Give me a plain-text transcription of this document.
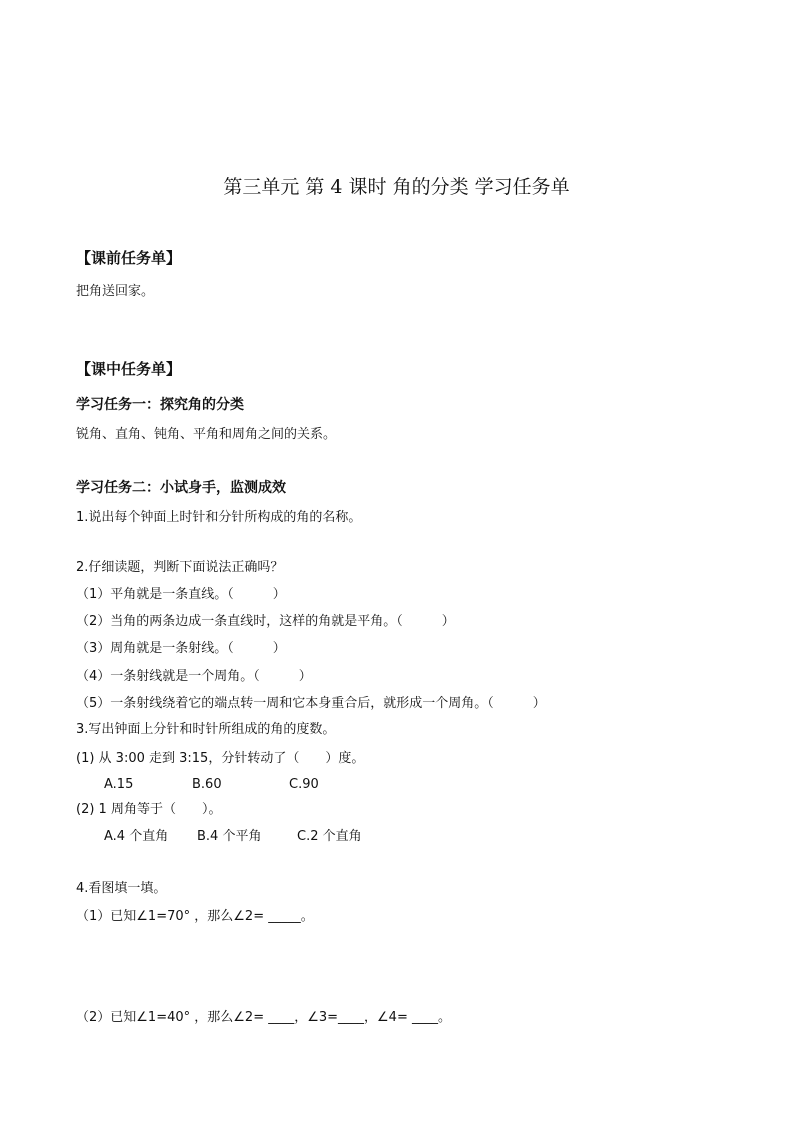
第三单元 第 4 课时 角的分类 学习任务单
【课前任务单】
把角送回家。
【课中任务单】
学习任务一：探究角的分类
锐角、直角、钝角、平角和周角之间的关系。
学习任务二：小试身手，监测成效
1.说出每个钟面上时针和分针所构成的角的名称。
2.仔细读题，判断下面说法正确吗？
（1）平角就是一条直线。（　　　）
（2）当角的两条边成一条直线时，这样的角就是平角。（　　　）
（3）周角就是一条射线。（　　　）
（4）一条射线就是一个周角。（　　　）
（5）一条射线绕着它的端点转一周和它本身重合后，就形成一个周角。（　　　）
3.写出钟面上分针和时针所组成的角的度数。
(1) 从 3:00 走到 3:15，分针转动了（　　）度。
A.15	B.60	C.90
(2) 1 周角等于（　　）。
A.4 个直角 B.4 个平角	C.2 个直角
4.看图填一填。
（1）已知∠1=70° ，那么∠2= _____。
（2）已知∠1=40° ，那么∠2= ____，∠3=____，∠4= ____。
